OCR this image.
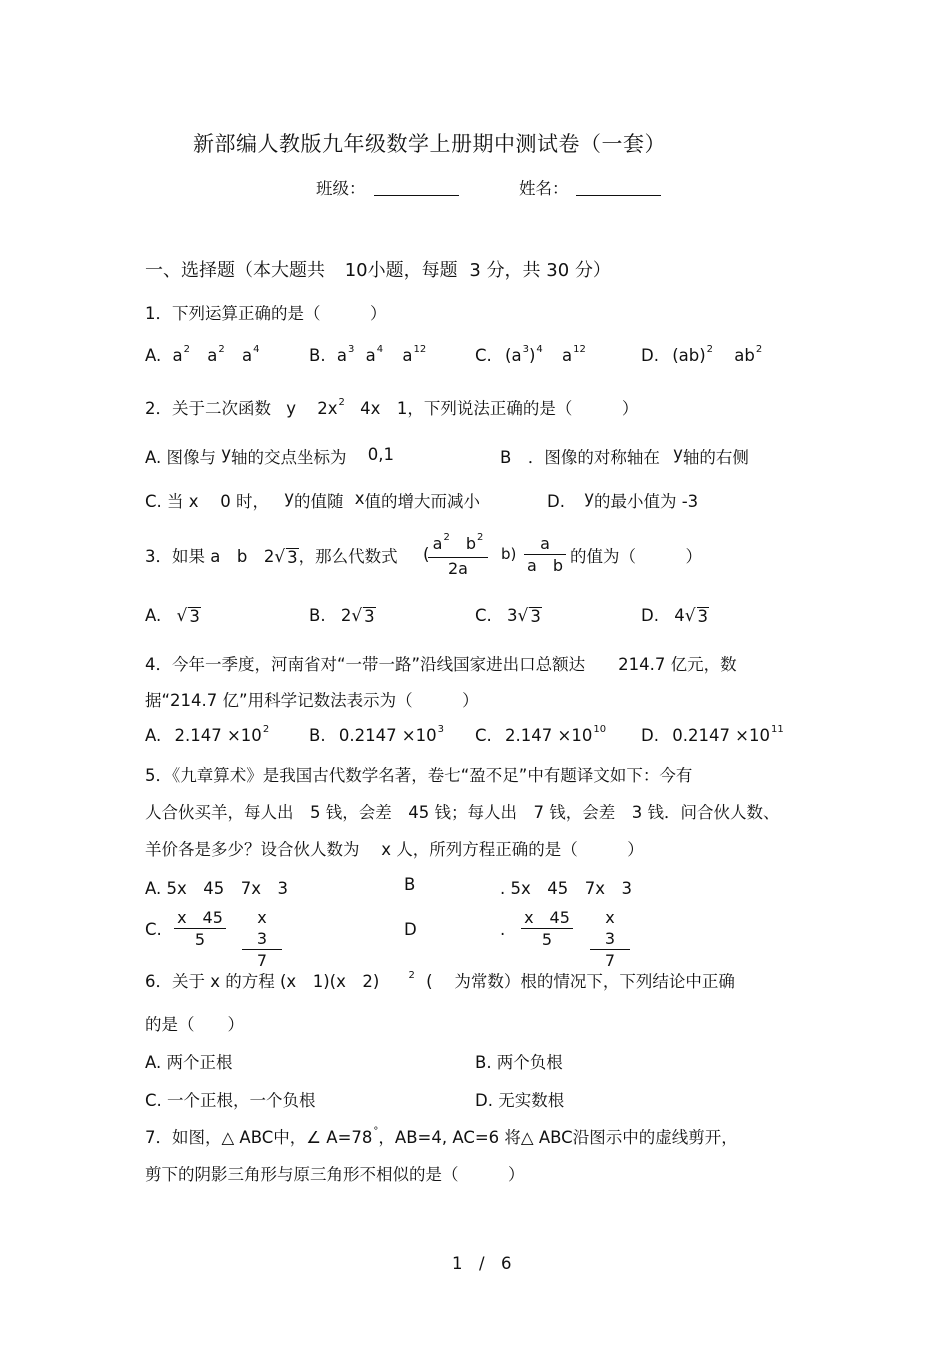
新部编人教版九年级数学上册期中测试卷（一套）
班级：	姓名：
一、选择题（本大题共 10小题，每题 3 分，共 30 分）
1．下列运算正确的是（　　　）
A. $a^2$ $a^2$ $a^4$	B. $a^3$ $a^4$ $a^{12}$	C. $(a^3)^4$ $a^{12}$	D. (ab)$^2$ $ab^2$
2．关于二次函数 y $2x^2$ 4x　1，下列说法正确的是（　　　）
A. 图像与 y轴的交点坐标为 0,1	B　．图像的对称轴在 y轴的右侧
C. 当 x　 0 时， y的值随 x值的增大而减小	D. y的最小值为 -3
3．如果 a　b　2 √ 3 ，那么代数式 (
$\frac{a^2 b^2}{2a} b) \frac{a}{\text{a　b}}$ 的值为（　　　）
A. √ 3	B. 2 √ 3	C. 3 √ 3	D. 4 √ 3
4．今年一季度，河南省对“一带一路”沿线国家进出口总额达　　214.7 亿元，数
据“214.7 亿”用科学记数法表示为（　　　）
A. $2.147 \times 10^2$ B. $0.2147 \times 10^3$ C. $2.147 \times 10^{10}$ D. $0.2147 \times 10^{11}$
5．《九章算术》是我国古代数学名著，卷七“盈不足”中有题译文如下：今有
人合伙买羊，每人出　5 钱，会差　45 钱；每人出　7 钱，会差　3 钱．问合伙人数、
羊价各是多少？设合伙人数为　 x 人，所列方程正确的是（　　　）
A. 5x　45　7x　3	B	. 5x　45　7x　3
C. $\frac{x 45}{5} \frac{x 3}{7}$	D	. $\frac{x 45}{5} \frac{x 3}{7}$
6．关于 x 的方程 (x　1)(x　2)	$^2$ (　 为常数）根的情况下，下列结论中正确
的是（　　）
A. 两个正根	B. 两个负根
C. 一个正根，一个负根	D. 无实数根
7．如图，△ ABC中，∠ A=78°，AB=4, AC=6 将△ ABC沿图示中的虚线剪开，
剪下的阴影三角形与原三角形不相似的是（　　　）
1　/　6
